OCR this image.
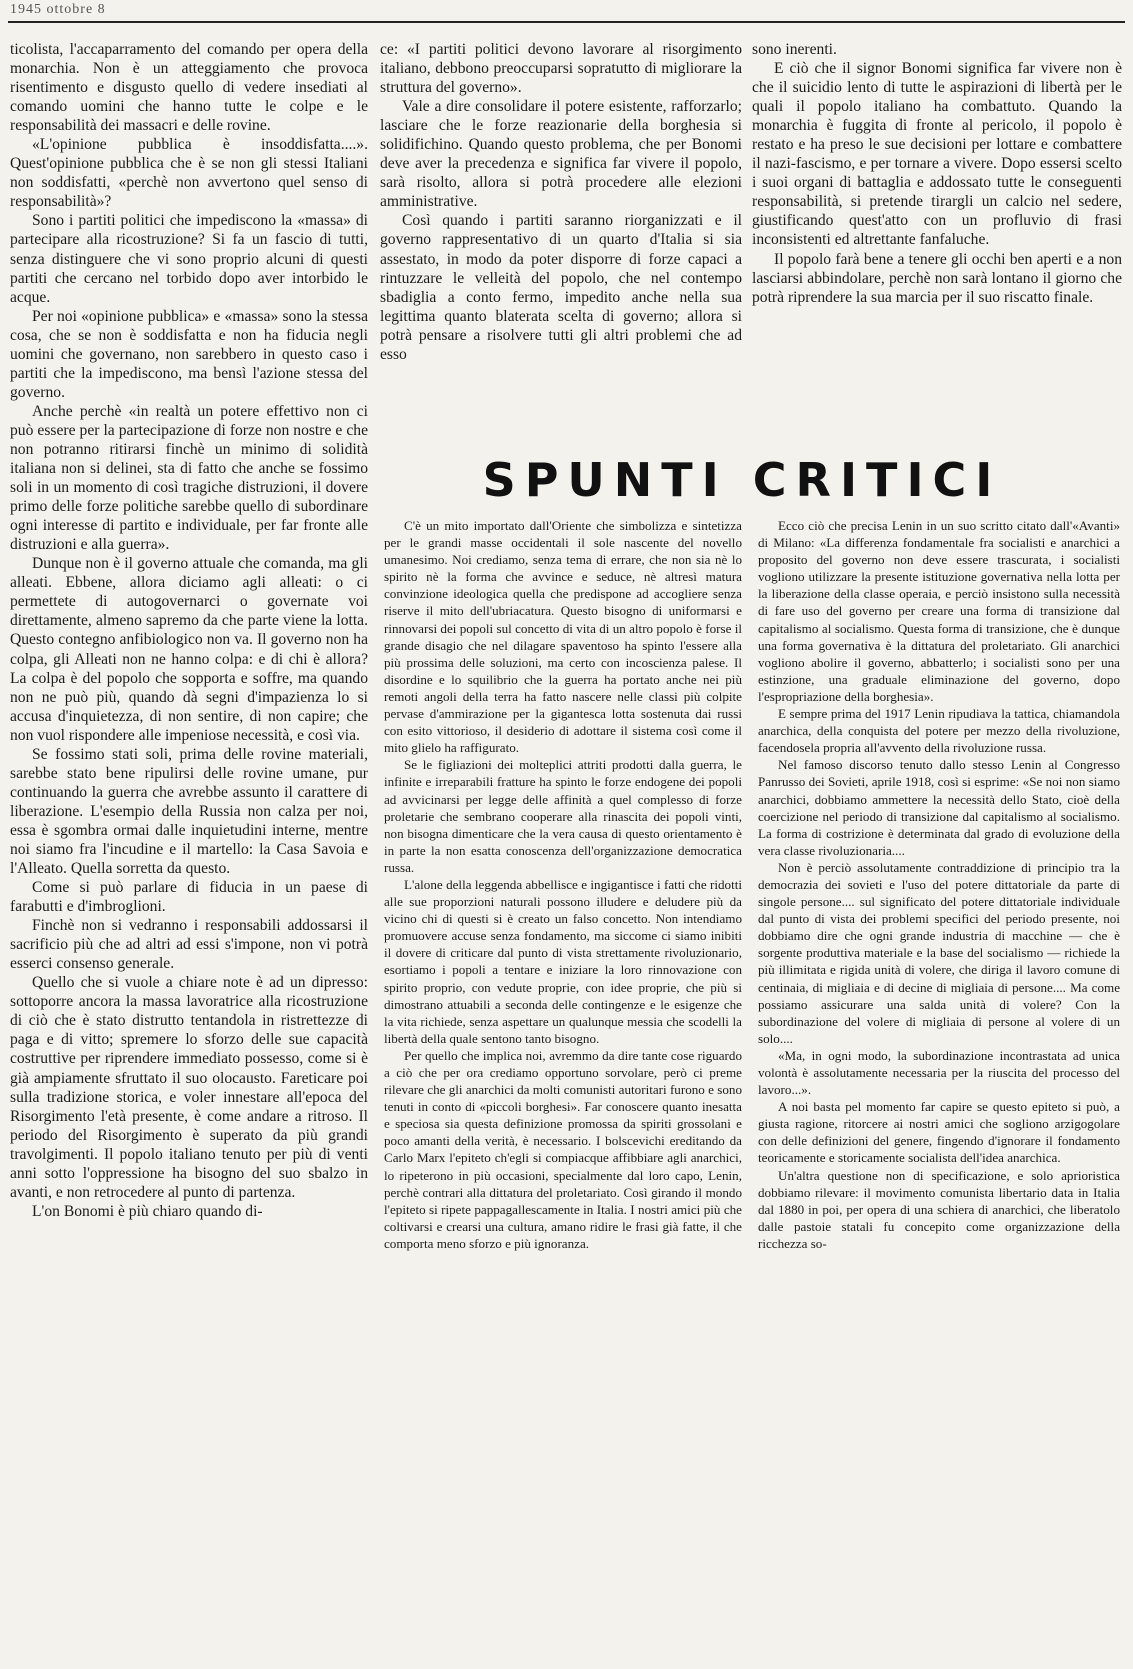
1945 ottobre 8

ticolista, l'accaparramento del comando per opera della monarchia. Non è un atteggiamento che provoca risentimento e disgusto quello di vedere insediati al comando uomini che hanno tutte le colpe e le responsabilità dei massacri e delle rovine.

«L'opinione pubblica è insoddisfatta....». Quest'opinione pubblica che è se non gli stessi Italiani non soddisfatti, «perchè non avvertono quel senso di responsabilità»?

Sono i partiti politici che impediscono la «massa» di partecipare alla ricostruzione? Si fa un fascio di tutti, senza distinguere che vi sono proprio alcuni di questi partiti che cercano nel torbido dopo aver intorbido le acque.

Per noi «opinione pubblica» e «massa» sono la stessa cosa, che se non è soddisfatta e non ha fiducia negli uomini che governano, non sarebbero in questo caso i partiti che la impediscono, ma bensì l'azione stessa del governo.

Anche perchè «in realtà un potere effettivo non ci può essere per la partecipazione di forze non nostre e che non potranno ritirarsi finchè un minimo di solidità italiana non si delinei, sta di fatto che anche se fossimo soli in un momento di così tragiche distruzioni, il dovere primo delle forze politiche sarebbe quello di subordinare ogni interesse di partito e individuale, per far fronte alle distruzioni e alla guerra».

Dunque non è il governo attuale che comanda, ma gli alleati. Ebbene, allora diciamo agli alleati: o ci permettete di autogovernarci o governate voi direttamente, almeno sapremo da che parte viene la lotta. Questo contegno anfibiologico non va. Il governo non ha colpa, gli Alleati non ne hanno colpa: e di chi è allora? La colpa è del popolo che sopporta e soffre, ma quando non ne può più, quando dà segni d'impazienza lo si accusa d'inquietezza, di non sentire, di non capire; che non vuol rispondere alle impeniose necessità, e così via.

Se fossimo stati soli, prima delle rovine materiali, sarebbe stato bene ripulirsi delle rovine umane, pur continuando la guerra che avrebbe assunto il carattere di liberazione. L'esempio della Russia non calza per noi, essa è sgombra ormai dalle inquietudini interne, mentre noi siamo fra l'incudine e il martello: la Casa Savoia e l'Alleato. Quella sorretta da questo.

Come si può parlare di fiducia in un paese di farabutti e d'imbroglioni.

Finchè non si vedranno i responsabili addossarsi il sacrificio più che ad altri ad essi s'impone, non vi potrà esserci consenso generale.

Quello che si vuole a chiare note è ad un dipresso: sottoporre ancora la massa lavoratrice alla ricostruzione di ciò che è stato distrutto tentandola in ristrettezze di paga e di vitto; spremere lo sforzo delle sue capacità costruttive per riprendere immediato possesso, come si è già ampiamente sfruttato il suo olocausto. Fareticare poi sulla tradizione storica, e voler innestare all'epoca del Risorgimento l'età presente, è come andare a ritroso. Il periodo del Risorgimento è superato da più grandi travolgimenti. Il popolo italiano tenuto per più di venti anni sotto l'oppressione ha bisogno del suo sbalzo in avanti, e non retrocedere al punto di partenza.

L'on Bonomi è più chiaro quando di-

ce: «I partiti politici devono lavorare al risorgimento italiano, debbono preoccuparsi sopratutto di migliorare la struttura del governo».

Vale a dire consolidare il potere esistente, rafforzarlo; lasciare che le forze reazionarie della borghesia si solidifichino. Quando questo problema, che per Bonomi deve aver la precedenza e significa far vivere il popolo, sarà risolto, allora si potrà procedere alle elezioni amministrative.

Così quando i partiti saranno riorganizzati e il governo rappresentativo di un quarto d'Italia si sia assestato, in modo da poter disporre di forze capaci a rintuzzare le velleità del popolo, che nel contempo sbadiglia a conto fermo, impedito anche nella sua legittima quanto blaterata scelta di governo; allora si potrà pensare a risolvere tutti gli altri problemi che ad esso

sono inerenti.

E ciò che il signor Bonomi significa far vivere non è che il suicidio lento di tutte le aspirazioni di libertà per le quali il popolo italiano ha combattuto. Quando la monarchia è fuggita di fronte al pericolo, il popolo è restato e ha preso le sue decisioni per lottare e combattere il nazi-fascismo, e per tornare a vivere. Dopo essersi scelto i suoi organi di battaglia e addossato tutte le conseguenti responsabilità, si pretende tirargli un calcio nel sedere, giustificando quest'atto con un profluvio di frasi inconsistenti ed altrettante fanfaluche.

Il popolo farà bene a tenere gli occhi ben aperti e a non lasciarsi abbindolare, perchè non sarà lontano il giorno che potrà riprendere la sua marcia per il suo riscatto finale.

SPUNTI CRITICI

C'è un mito importato dall'Oriente che simbolizza e sintetizza per le grandi masse occidentali il sole nascente del novello umanesimo. Noi crediamo, senza tema di errare, che non sia nè lo spirito nè la forma che avvince e seduce, nè altresì matura convinzione ideologica quella che predispone ad accogliere senza riserve il mito dell'ubriacatura. Questo bisogno di uniformarsi e rinnovarsi dei popoli sul concetto di vita di un altro popolo è forse il grande disagio che nel dilagare spaventoso ha spinto l'essere alla più prossima delle soluzioni, ma certo con incoscienza palese. Il disordine e lo squilibrio che la guerra ha portato anche nei più remoti angoli della terra ha fatto nascere nelle classi più colpite pervase d'ammirazione per la gigantesca lotta sostenuta dai russi con esito vittorioso, il desiderio di adottare il sistema così come il mito glielo ha raffigurato.

Se le figliazioni dei molteplici attriti prodotti dalla guerra, le infinite e irreparabili fratture ha spinto le forze endogene dei popoli ad avvicinarsi per legge delle affinità a quel complesso di forze proletarie che sembrano cooperare alla rinascita dei popoli vinti, non bisogna dimenticare che la vera causa di questo orientamento è in parte la non esatta conoscenza dell'organizzazione democratica russa.

L'alone della leggenda abbellisce e ingigantisce i fatti che ridotti alle sue proporzioni naturali possono illudere e deludere più da vicino chi di questi si è creato un falso concetto. Non intendiamo promuovere accuse senza fondamento, ma siccome ci siamo inibiti il dovere di criticare dal punto di vista strettamente rivoluzionario, esortiamo i popoli a tentare e iniziare la loro rinnovazione con spirito proprio, con vedute proprie, con idee proprie, che più si dimostrano attuabili a seconda delle contingenze e le esigenze che la vita richiede, senza aspettare un qualunque messia che scodelli la libertà della quale sentono tanto bisogno.

Per quello che implica noi, avremmo da dire tante cose riguardo a ciò che per ora crediamo opportuno sorvolare, però ci preme rilevare che gli anarchici da molti comunisti autoritari furono e sono tenuti in conto di «piccoli borghesi». Far conoscere quanto inesatta e speciosa sia questa definizione promossa da spiriti grossolani e poco amanti della verità, è necessario. I bolscevichi ereditando da Carlo Marx l'epiteto ch'egli si compiacque affibbiare agli anarchici, lo ripeterono in più occasioni, specialmente dal loro capo, Lenin, perchè contrari alla dittatura del proletariato. Così girando il mondo l'epiteto si ripete pappagallescamente in Italia. I nostri amici più che coltivarsi e crearsi una cultura, amano ridire le frasi già fatte, il che comporta meno sforzo e più ignoranza.

Ecco ciò che precisa Lenin in un suo scritto citato dall'«Avanti» di Milano: «La differenza fondamentale fra socialisti e anarchici a proposito del governo non deve essere trascurata, i socialisti vogliono utilizzare la presente istituzione governativa nella lotta per la liberazione della classe operaia, e perciò insistono sulla necessità di fare uso del governo per creare una forma di transizione dal capitalismo al socialismo. Questa forma di transizione, che è dunque una forma governativa è la dittatura del proletariato. Gli anarchici vogliono abolire il governo, abbatterlo; i socialisti sono per una estinzione, una graduale eliminazione del governo, dopo l'espropriazione della borghesia».

E sempre prima del 1917 Lenin ripudiava la tattica, chiamandola anarchica, della conquista del potere per mezzo della rivoluzione, facendosela propria all'avvento della rivoluzione russa.

Nel famoso discorso tenuto dallo stesso Lenin al Congresso Panrusso dei Sovieti, aprile 1918, così si esprime: «Se noi non siamo anarchici, dobbiamo ammettere la necessità dello Stato, cioè della coercizione nel periodo di transizione dal capitalismo al socialismo. La forma di costrizione è determinata dal grado di evoluzione della vera classe rivoluzionaria....

Non è perciò assolutamente contraddizione di principio tra la democrazia dei sovieti e l'uso del potere dittatoriale da parte di singole persone.... sul significato del potere dittatoriale individuale dal punto di vista dei problemi specifici del periodo presente, noi dobbiamo dire che ogni grande industria di macchine — che è sorgente produttiva materiale e la base del socialismo — richiede la più illimitata e rigida unità di volere, che diriga il lavoro comune di centinaia, di migliaia e di decine di migliaia di persone.... Ma come possiamo assicurare una salda unità di volere? Con la subordinazione del volere di migliaia di persone al volere di un solo....

«Ma, in ogni modo, la subordinazione incontrastata ad unica volontà è assolutamente necessaria per la riuscita del processo del lavoro...».

A noi basta pel momento far capire se questo epiteto si può, a giusta ragione, ritorcere ai nostri amici che sogliono arzigogolare con delle definizioni del genere, fingendo d'ignorare il fondamento teoricamente e storicamente socialista dell'idea anarchica.

Un'altra questione non di specificazione, e solo aprioristica dobbiamo rilevare: il movimento comunista libertario data in Italia dal 1880 in poi, per opera di una schiera di anarchici, che liberatolo dalle pastoie statali fu concepito come organizzazione della ricchezza so-
